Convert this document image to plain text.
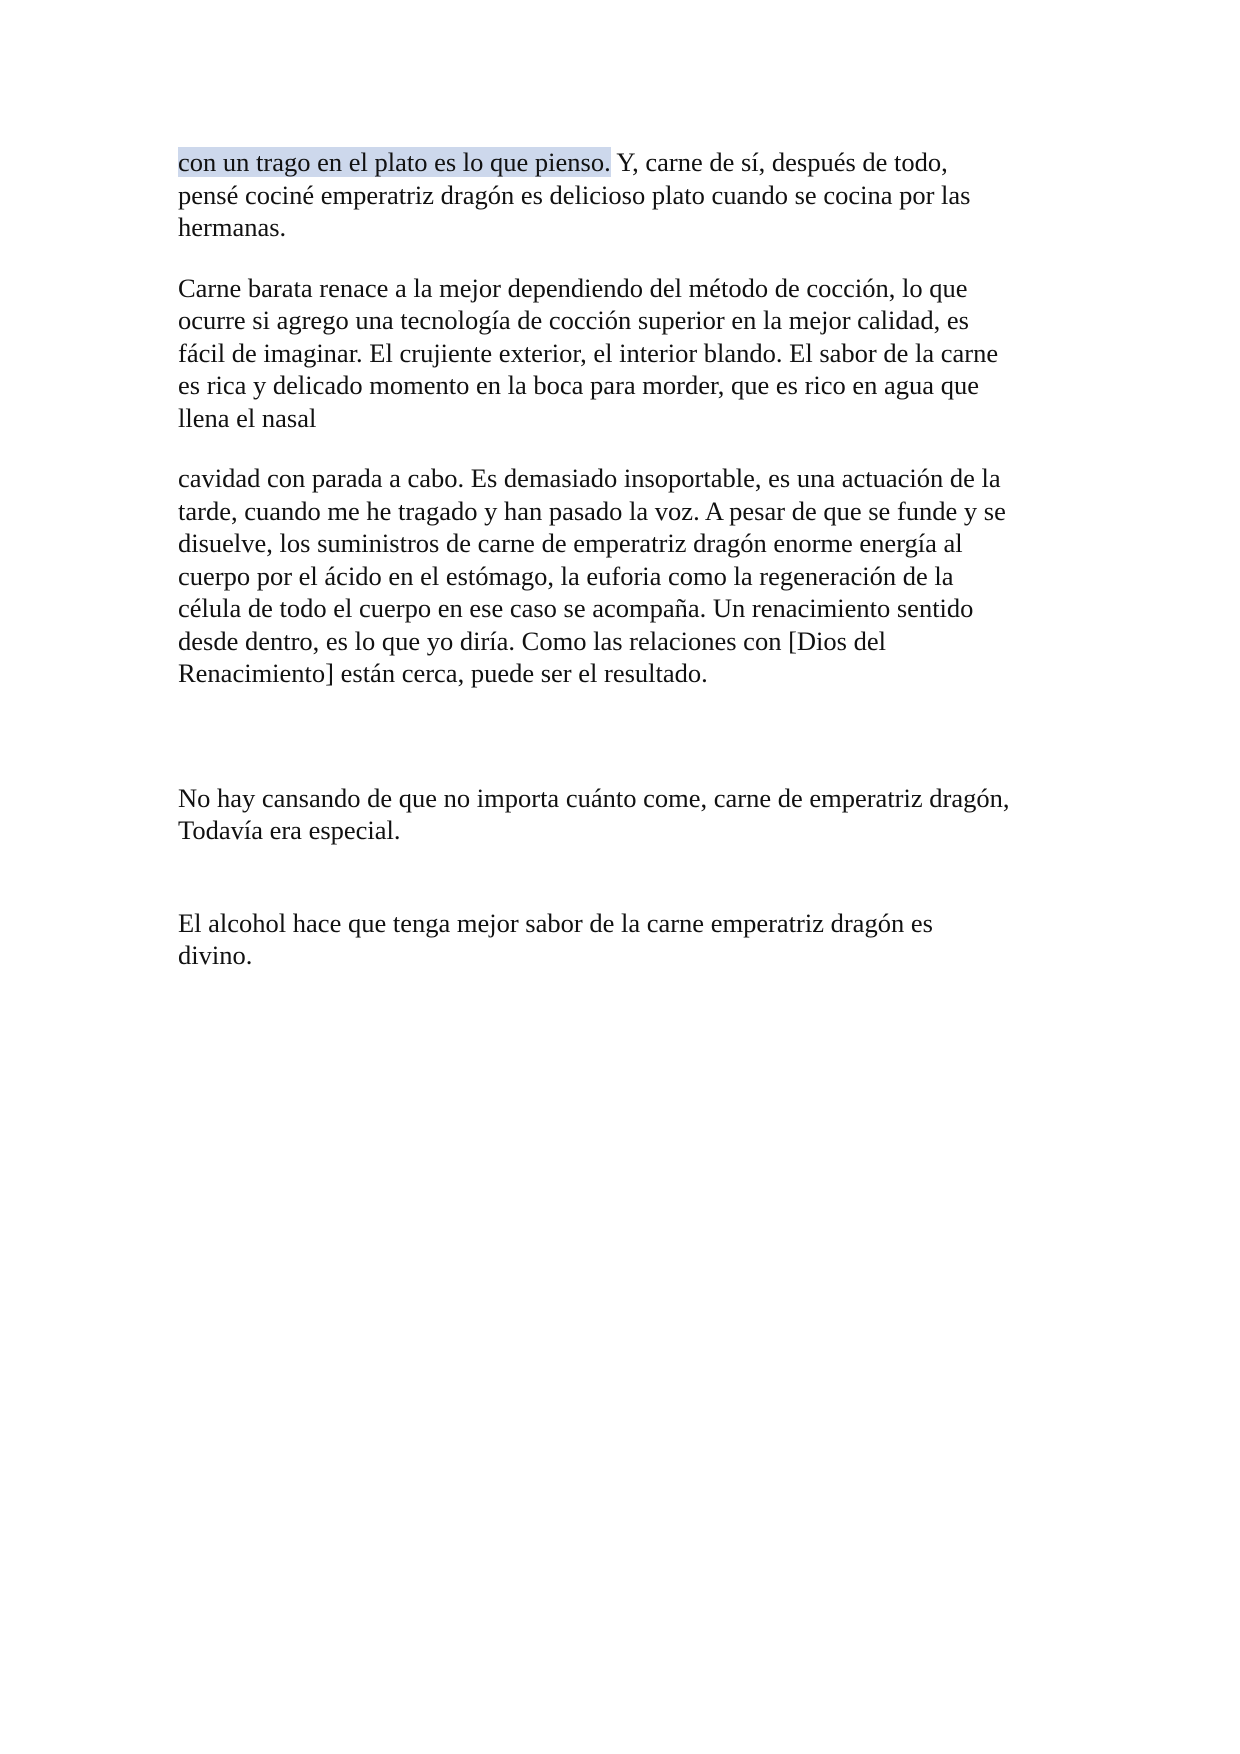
con un trago en el plato es lo que pienso. Y, carne de sí, después de todo,
pensé cociné emperatriz dragón es delicioso plato cuando se cocina por las
hermanas.

Carne barata renace a la mejor dependiendo del método de cocción, lo que
ocurre si agrego una tecnología de cocción superior en la mejor calidad, es
fácil de imaginar. El crujiente exterior, el interior blando. El sabor de la carne
es rica y delicado momento en la boca para morder, que es rico en agua que
llena el nasal

cavidad con parada a cabo. Es demasiado insoportable, es una actuación de la
tarde, cuando me he tragado y han pasado la voz. A pesar de que se funde y se
disuelve, los suministros de carne de emperatriz dragón enorme energía al
cuerpo por el ácido en el estómago, la euforia como la regeneración de la
célula de todo el cuerpo en ese caso se acompaña. Un renacimiento sentido
desde dentro, es lo que yo diría. Como las relaciones con [Dios del
Renacimiento] están cerca, puede ser el resultado.

No hay cansando de que no importa cuánto come, carne de emperatriz dragón,
Todavía era especial.

El alcohol hace que tenga mejor sabor de la carne emperatriz dragón es
divino.
